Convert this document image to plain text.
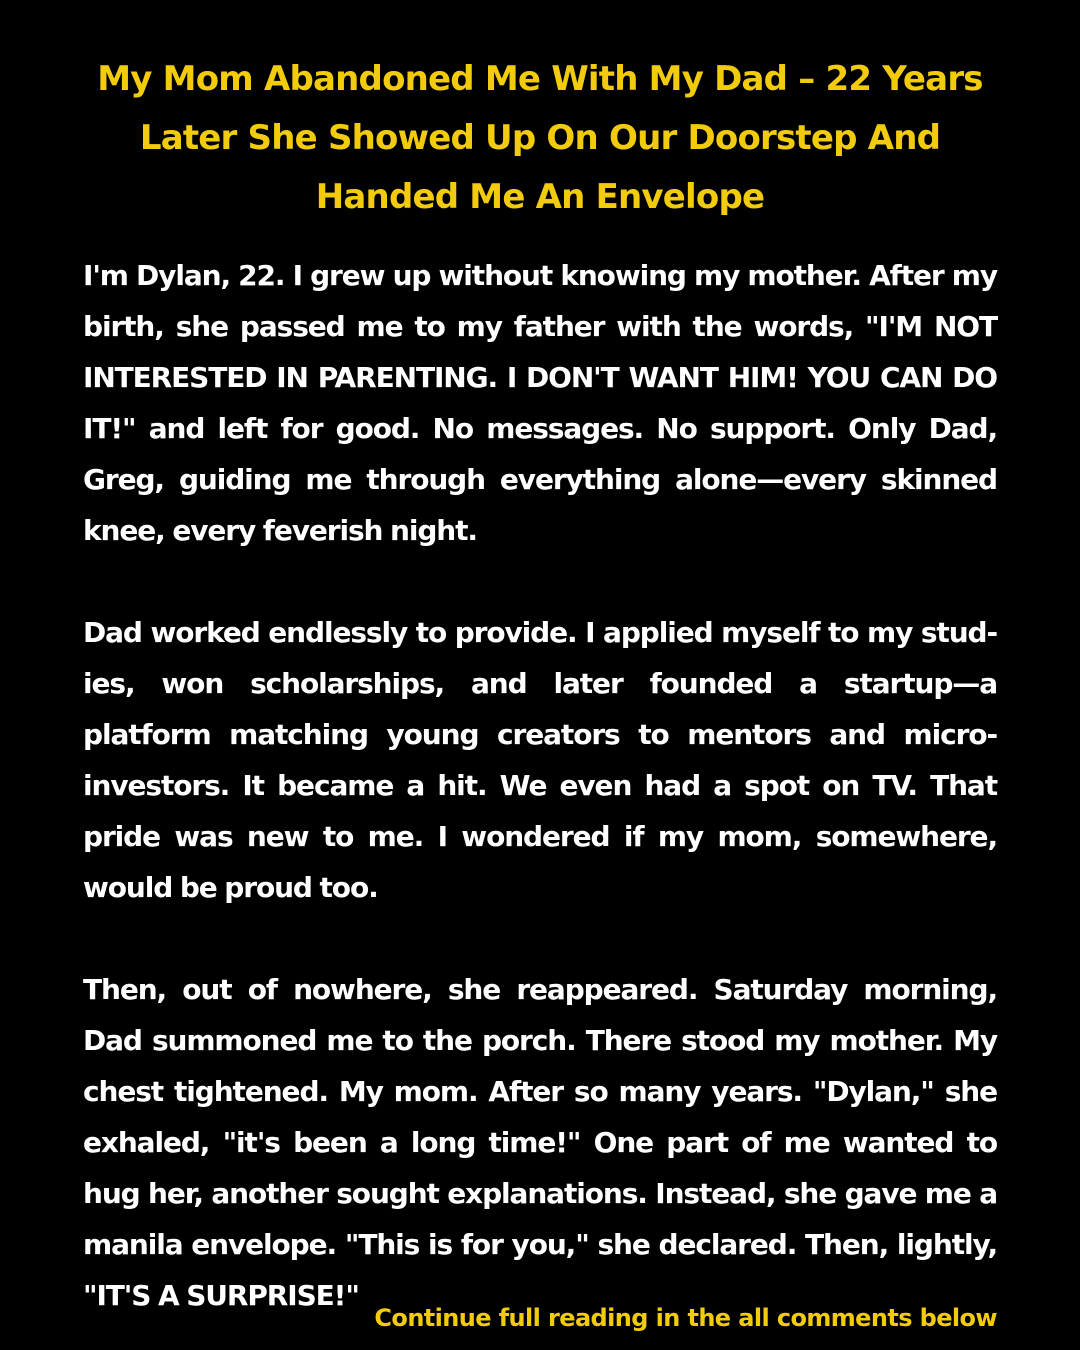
My Mom Abandoned Me With My Dad – 22 Years Later She Showed Up On Our Doorstep And Handed Me An Envelope

I'm Dylan, 22. I grew up without knowing my mother. After my birth, she passed me to my father with the words, "I'M NOT INTERESTED IN PARENTING. I DON'T WANT HIM! YOU CAN DO IT!" and left for good. No messages. No support. Only Dad, Greg, guiding me through everything alone—every skinned knee, every feverish night.

Dad worked endlessly to provide. I applied myself to my stud-ies, won scholarships, and later founded a startup—a platform matching young creators to mentors and micro-investors. It became a hit. We even had a spot on TV. That pride was new to me. I wondered if my mom, somewhere, would be proud too.

Then, out of nowhere, she reappeared. Saturday morning, Dad summoned me to the porch. There stood my mother. My chest tightened. My mom. After so many years. "Dylan," she exhaled, "it's been a long time!" One part of me wanted to hug her, another sought explanations. Instead, she gave me a manila envelope. "This is for you," she declared. Then, lightly, "IT'S A SURPRISE!"

Continue full reading in the all comments below
